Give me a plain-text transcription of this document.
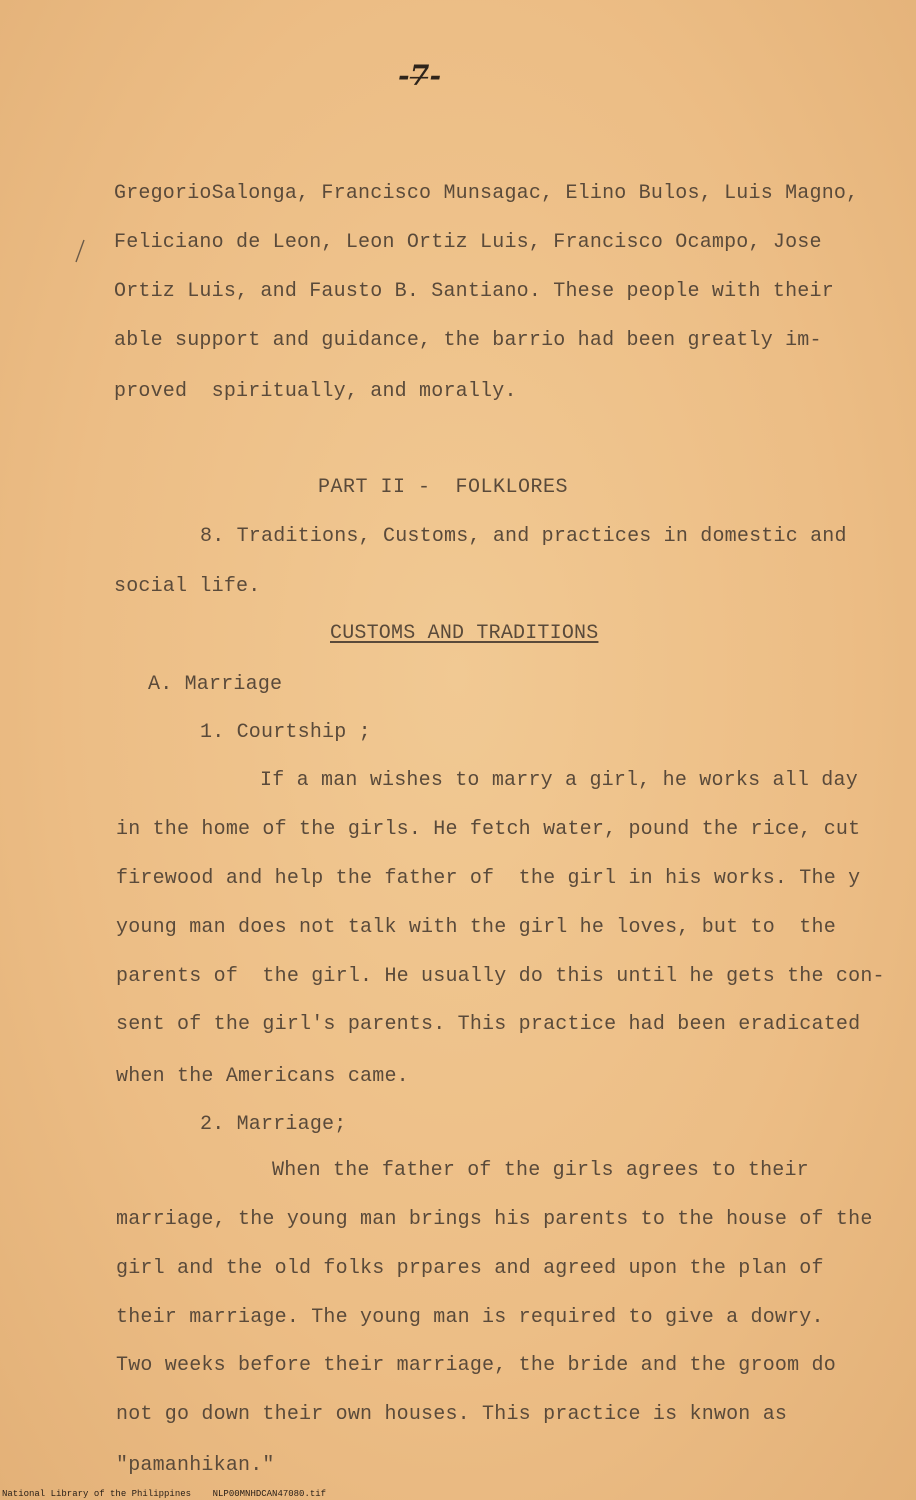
-7̶-
GregorioSalonga, Francisco Munsagac, Elino Bulos, Luis Magno,
Feliciano de Leon, Leon Ortiz Luis, Francisco Ocampo, Jose
Ortiz Luis, and Fausto B. Santiano. These people with their
able support and guidance, the barrio had been greatly im-
proved  spiritually, and morally.
PART II -  FOLKLORES
8. Traditions, Customs, and practices in domestic and
social life.
CUSTOMS AND TRADITIONS
A. Marriage
1. Courtship ;
If a man wishes to marry a girl, he works all day
in the home of the girls. He fetch water, pound the rice, cut
firewood and help the father of  the girl in his works. The y
young man does not talk with the girl he loves, but to  the
parents of  the girl. He usually do this until he gets the con-
sent of the girl's parents. This practice had been eradicated
when the Americans came.
2. Marriage;
When the father of the girls agrees to their
marriage, the young man brings his parents to the house of the
girl and the old folks prpares and agreed upon the plan of
their marriage. The young man is required to give a dowry.
Two weeks before their marriage, the bride and the groom do
not go down their own houses. This practice is knwon as
"pamanhikan."
National Library of the Philippines    NLP00MNHDCAN47080.tif
